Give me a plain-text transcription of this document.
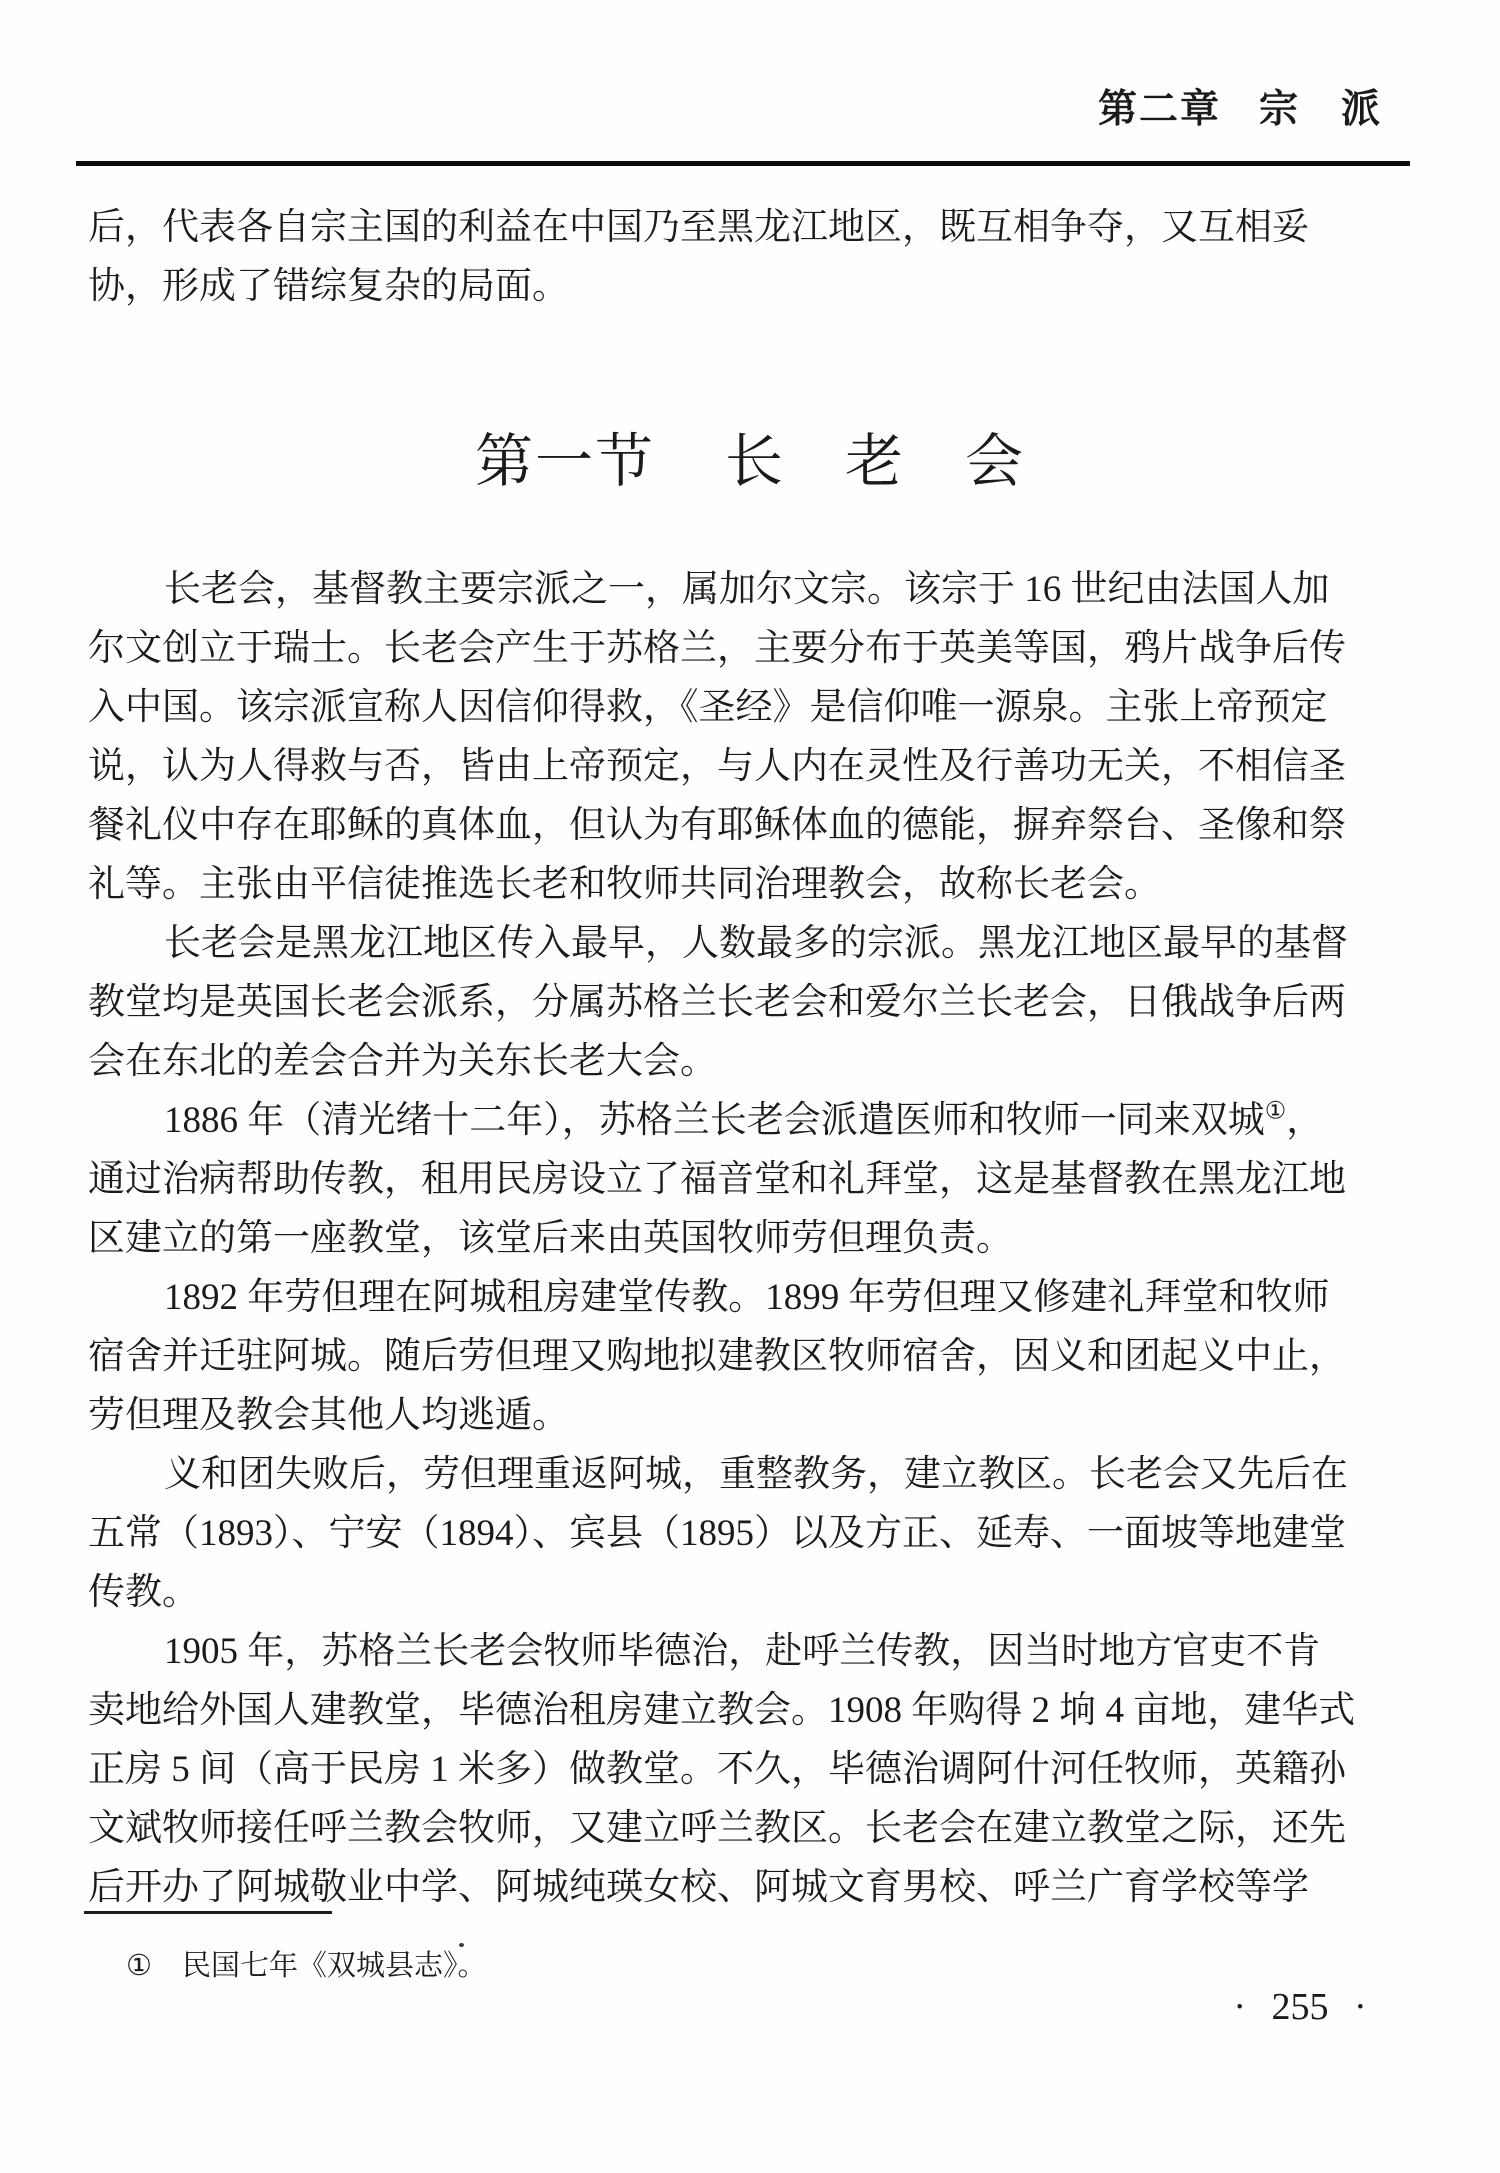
第二章 宗　派
后，代表各自宗主国的利益在中国乃至黑龙江地区，既互相争夺，又互相妥
协，形成了错综复杂的局面。
第一节 长　老　会
长老会，基督教主要宗派之一，属加尔文宗。该宗于 16 世纪由法国人加
尔文创立于瑞士。长老会产生于苏格兰，主要分布于英美等国，鸦片战争后传
入中国。该宗派宣称人因信仰得救，《圣经》是信仰唯一源泉。主张上帝预定
说，认为人得救与否，皆由上帝预定，与人内在灵性及行善功无关，不相信圣
餐礼仪中存在耶稣的真体血，但认为有耶稣体血的德能，摒弃祭台、圣像和祭
礼等。主张由平信徒推选长老和牧师共同治理教会，故称长老会。
长老会是黑龙江地区传入最早，人数最多的宗派。黑龙江地区最早的基督
教堂均是英国长老会派系，分属苏格兰长老会和爱尔兰长老会，日俄战争后两
会在东北的差会合并为关东长老大会。
1886 年（清光绪十二年），苏格兰长老会派遣医师和牧师一同来双城①，
通过治病帮助传教，租用民房设立了福音堂和礼拜堂，这是基督教在黑龙江地
区建立的第一座教堂，该堂后来由英国牧师劳但理负责。
1892 年劳但理在阿城租房建堂传教。1899 年劳但理又修建礼拜堂和牧师
宿舍并迁驻阿城。随后劳但理又购地拟建教区牧师宿舍，因义和团起义中止，
劳但理及教会其他人均逃遁。
义和团失败后，劳但理重返阿城，重整教务，建立教区。长老会又先后在
五常（1893）、宁安（1894）、宾县（1895）以及方正、延寿、一面坡等地建堂
传教。
1905 年，苏格兰长老会牧师毕德治，赴呼兰传教，因当时地方官吏不肯
卖地给外国人建教堂，毕德治租房建立教会。1908 年购得 2 垧 4 亩地，建华式
正房 5 间（高于民房 1 米多）做教堂。不久，毕德治调阿什河任牧师，英籍孙
文斌牧师接任呼兰教会牧师，又建立呼兰教区。长老会在建立教堂之际，还先
后开办了阿城敬业中学、阿城纯瑛女校、阿城文育男校、呼兰广育学校等学
① 民国七年《双城县志》。
· 255 ·
